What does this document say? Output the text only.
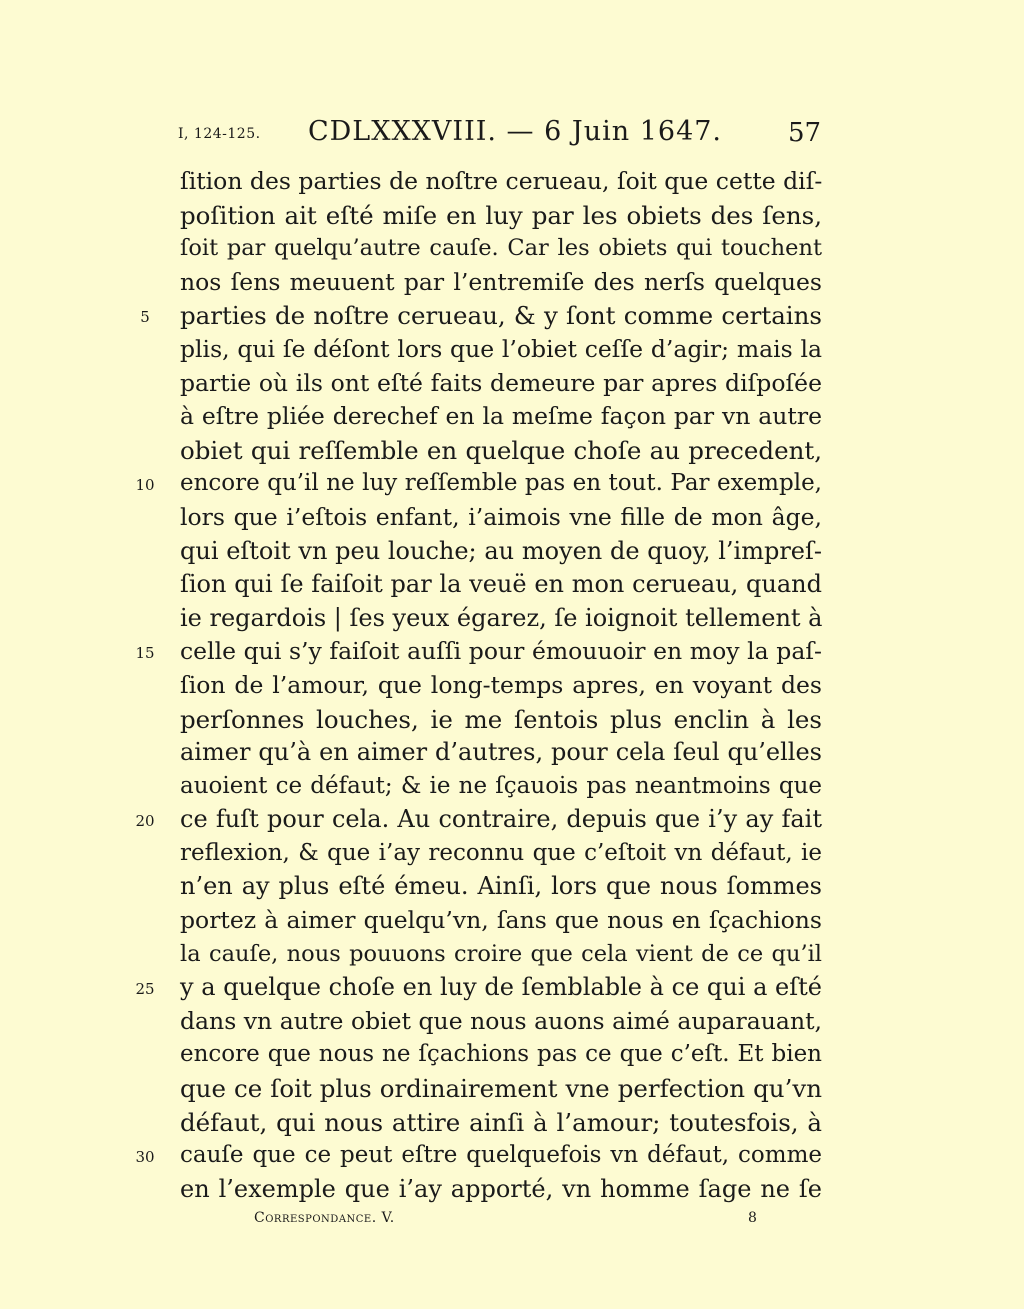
I, 124-125. CDLXXXVIII. — 6 Juin 1647.	57
ſition des parties de noſtre cerueau, ſoit que cette diſ-
poſition ait eſté miſe en luy par les obiets des ſens,
ſoit par quelqu’autre cauſe. Car les obiets qui touchent
nos ſens meuuent par l’entremiſe des nerſs quelques
5	parties de noſtre cerueau, & y ſont comme certains
plis, qui ſe déſont lors que l’obiet ceſſe d’agir; mais la
partie où ils ont eſté faits demeure par apres diſpoſée
à eſtre pliée derechef en la meſme façon par vn autre
obiet qui reſſemble en quelque choſe au precedent,
10 encore qu’il ne luy reſſemble pas en tout. Par exemple,
lors que i’eſtois enfant, i’aimois vne fille de mon âge,
qui eſtoit vn peu louche; au moyen de quoy, l’impreſ-
ſion qui ſe faiſoit par la veuë en mon cerueau, quand
ie regardois | ſes yeux égarez, ſe ioignoit tellement à
15 celle qui s’y faiſoit auſſi pour émouuoir en moy la paſ-
ſion de l’amour, que long-temps apres, en voyant des
perſonnes louches, ie me ſentois plus enclin à les
aimer qu’à en aimer d’autres, pour cela ſeul qu’elles
auoient ce défaut; & ie ne ſçauois pas neantmoins que
20 ce fuſt pour cela. Au contraire, depuis que i’y ay fait
reflexion, & que i’ay reconnu que c’eſtoit vn défaut, ie
n’en ay plus eſté émeu. Ainſi, lors que nous ſommes
portez à aimer quelqu’vn, ſans que nous en ſçachions
la cauſe, nous pouuons croire que cela vient de ce qu’il
25 y a quelque choſe en luy de ſemblable à ce qui a eſté
dans vn autre obiet que nous auons aimé auparauant,
encore que nous ne ſçachions pas ce que c’eſt. Et bien
que ce ſoit plus ordinairement vne perfection qu’vn
défaut, qui nous attire ainſi à l’amour; toutesfois, à
30 cauſe que ce peut eſtre quelquefois vn défaut, comme
en l’exemple que i’ay apporté, vn homme ſage ne ſe
Correspondance. V.	8
